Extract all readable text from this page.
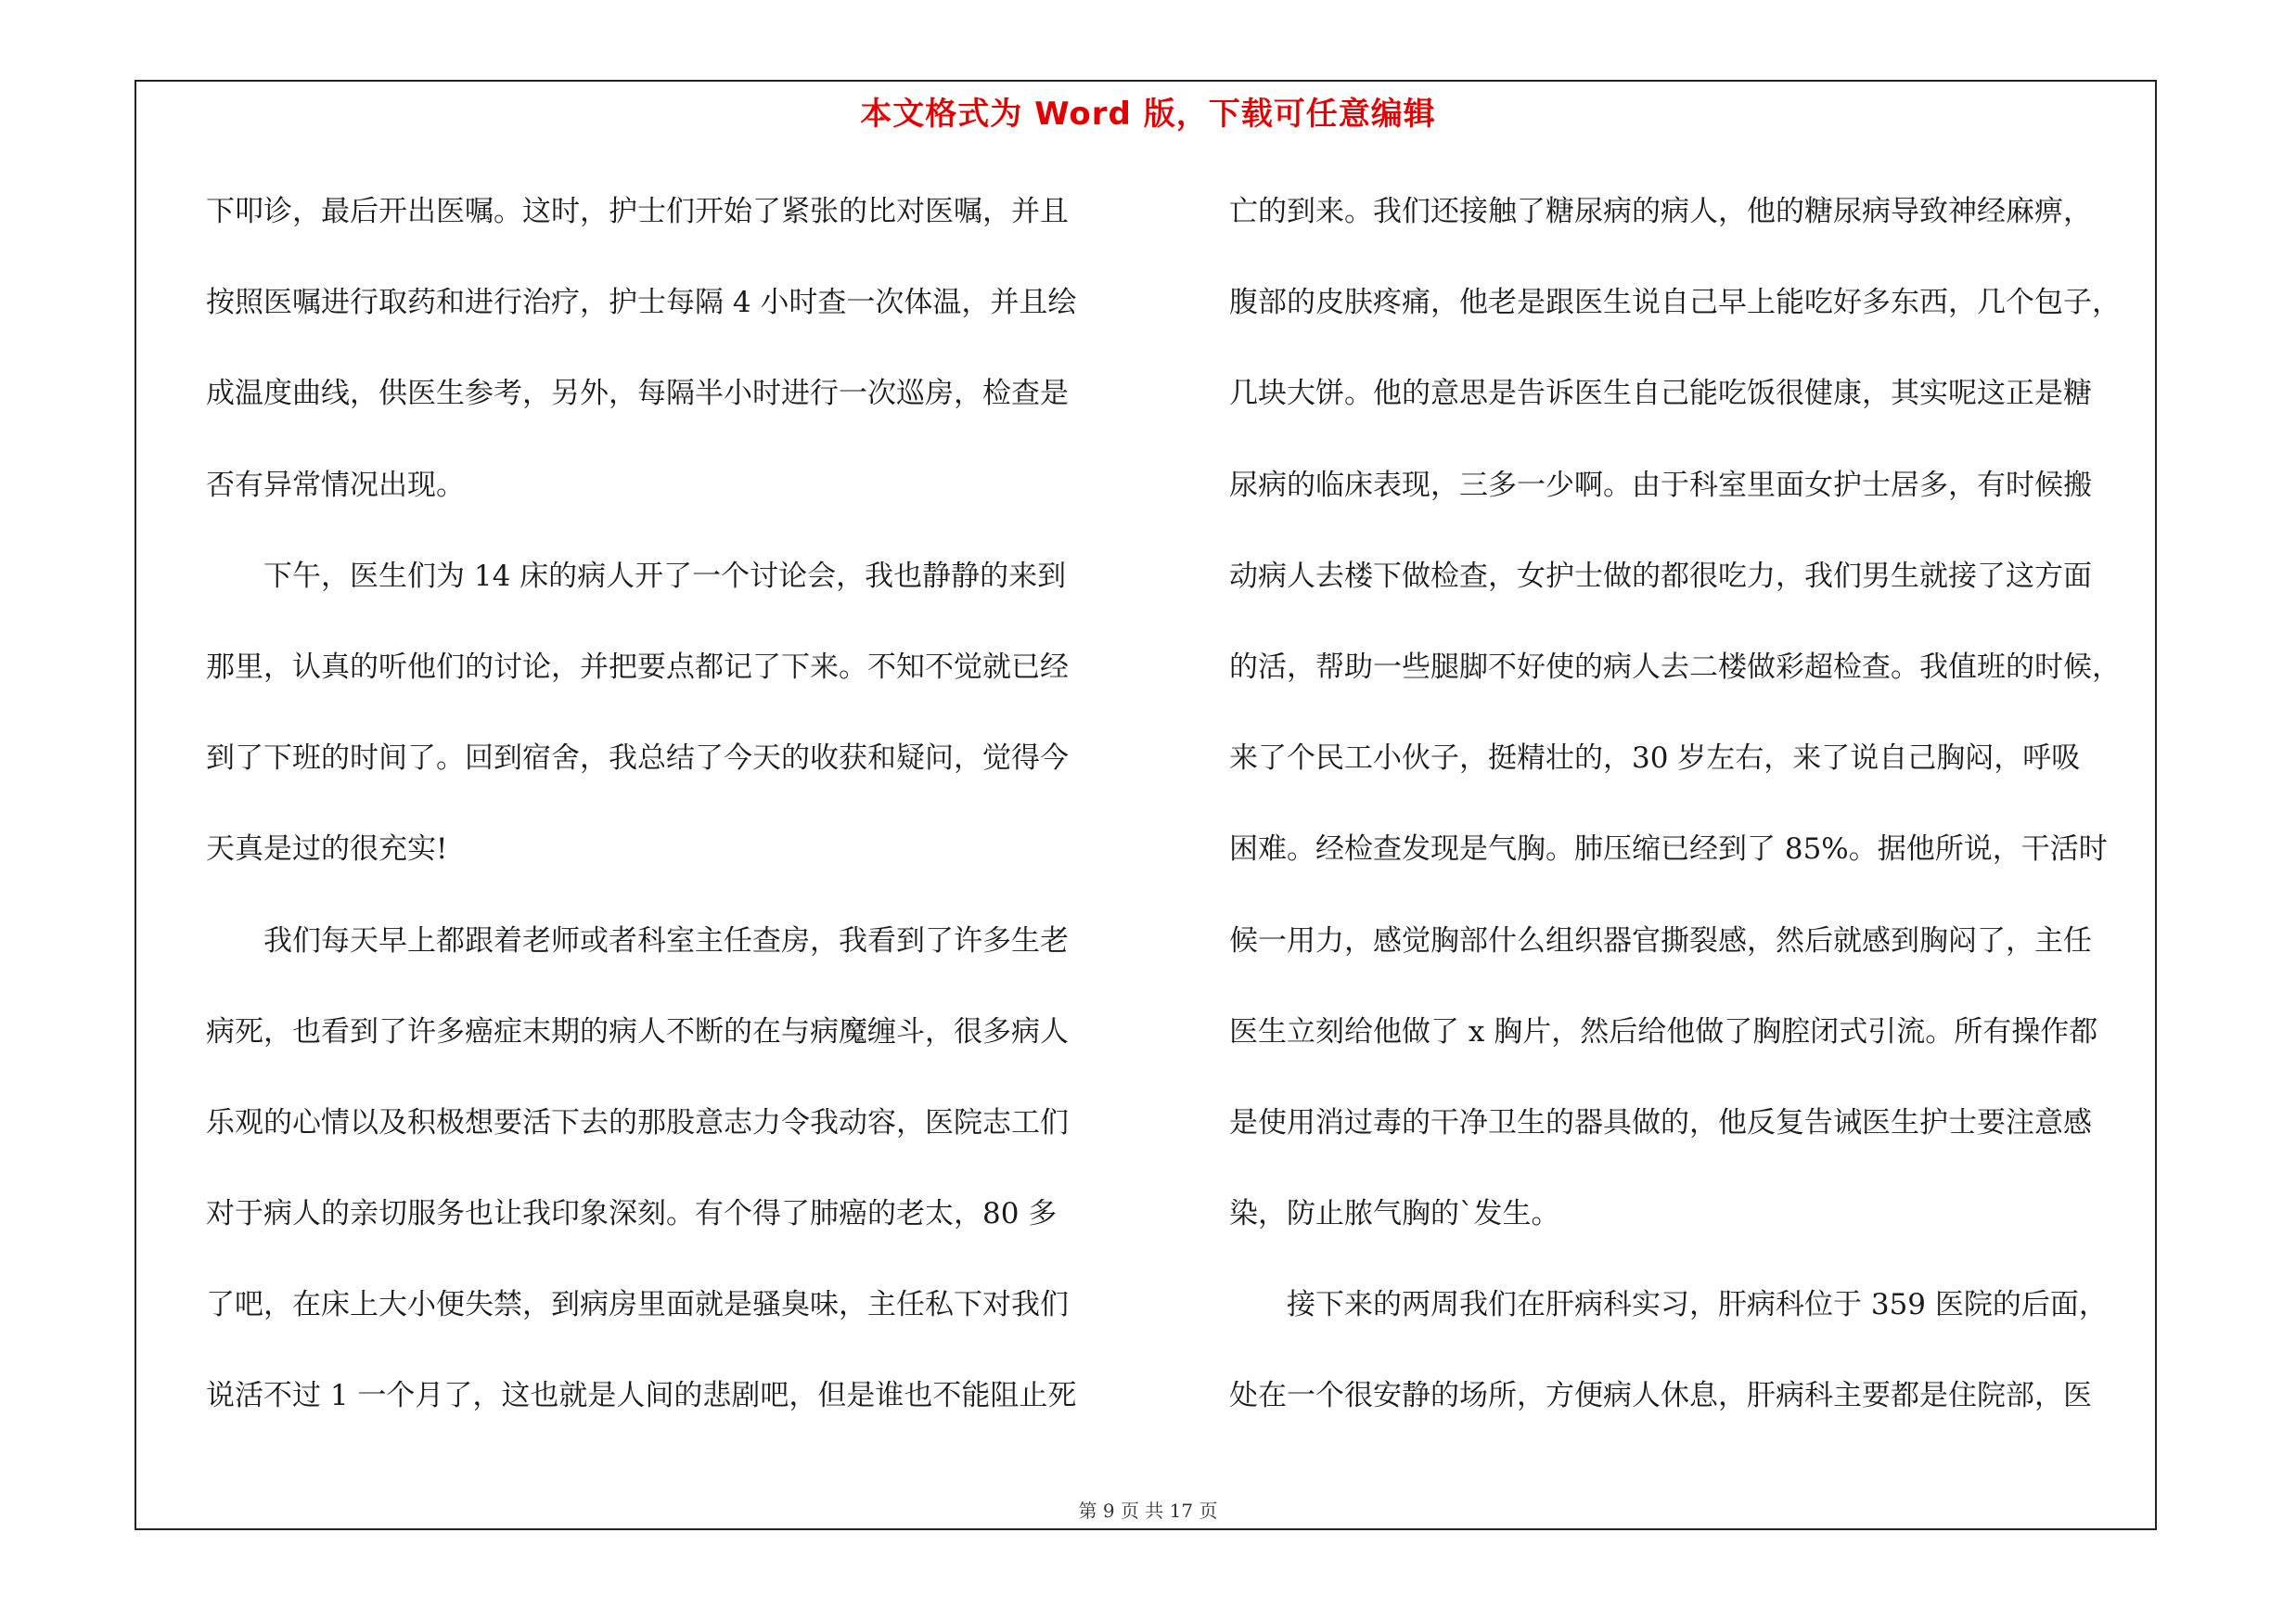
本文格式为 Word 版，下载可任意编辑
下叩诊，最后开出医嘱。这时，护士们开始了紧张的比对医嘱，并且
按照医嘱进行取药和进行治疗，护士每隔 4 小时查一次体温，并且绘
成温度曲线，供医生参考，另外，每隔半小时进行一次巡房，检查是
否有异常情况出现。
　　下午，医生们为 14 床的病人开了一个讨论会，我也静静的来到
那里，认真的听他们的讨论，并把要点都记了下来。不知不觉就已经
到了下班的时间了。回到宿舍，我总结了今天的收获和疑问，觉得今
天真是过的很充实!
　　我们每天早上都跟着老师或者科室主任查房，我看到了许多生老
病死，也看到了许多癌症末期的病人不断的在与病魔缠斗，很多病人
乐观的心情以及积极想要活下去的那股意志力令我动容，医院志工们
对于病人的亲切服务也让我印象深刻。有个得了肺癌的老太，80 多
了吧，在床上大小便失禁，到病房里面就是骚臭味，主任私下对我们
说活不过 1 一个月了，这也就是人间的悲剧吧，但是谁也不能阻止死
亡的到来。我们还接触了糖尿病的病人，他的糖尿病导致神经麻痹，
腹部的皮肤疼痛，他老是跟医生说自己早上能吃好多东西，几个包子，
几块大饼。他的意思是告诉医生自己能吃饭很健康，其实呢这正是糖
尿病的临床表现，三多一少啊。由于科室里面女护士居多，有时候搬
动病人去楼下做检查，女护士做的都很吃力，我们男生就接了这方面
的活，帮助一些腿脚不好使的病人去二楼做彩超检查。我值班的时候，
来了个民工小伙子，挺精壮的，30 岁左右，来了说自己胸闷，呼吸
困难。经检查发现是气胸。肺压缩已经到了 85%。据他所说，干活时
候一用力，感觉胸部什么组织器官撕裂感，然后就感到胸闷了，主任
医生立刻给他做了 x 胸片，然后给他做了胸腔闭式引流。所有操作都
是使用消过毒的干净卫生的器具做的，他反复告诫医生护士要注意感
染，防止脓气胸的`发生。
　　接下来的两周我们在肝病科实习，肝病科位于 359 医院的后面，
处在一个很安静的场所，方便病人休息，肝病科主要都是住院部，医
第 9 页 共 17 页
